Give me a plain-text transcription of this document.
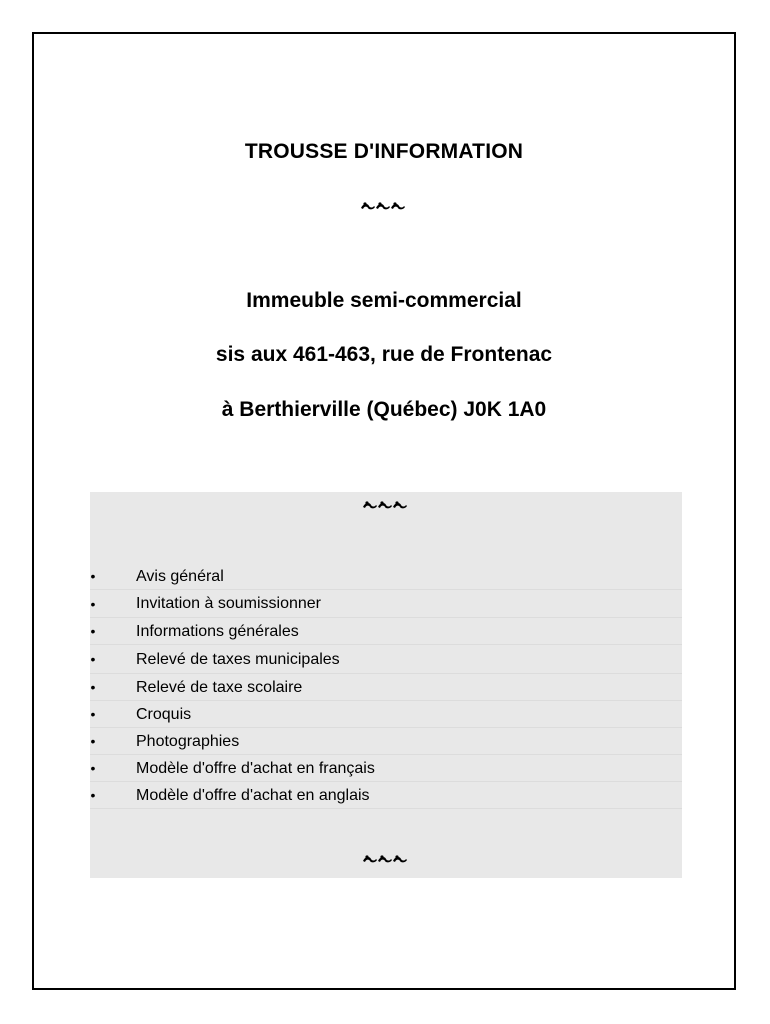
TROUSSE D'INFORMATION
Immeuble semi-commercial
sis aux 461-463, rue de Frontenac
à Berthierville (Québec) J0K 1A0
•	Avis général
•	Invitation à soumissionner
•	Informations générales
•	Relevé de taxes municipales
•	Relevé de taxe scolaire
•	Croquis
•	Photographies
•	Modèle d'offre d'achat en français
•	Modèle d'offre d'achat en anglais
